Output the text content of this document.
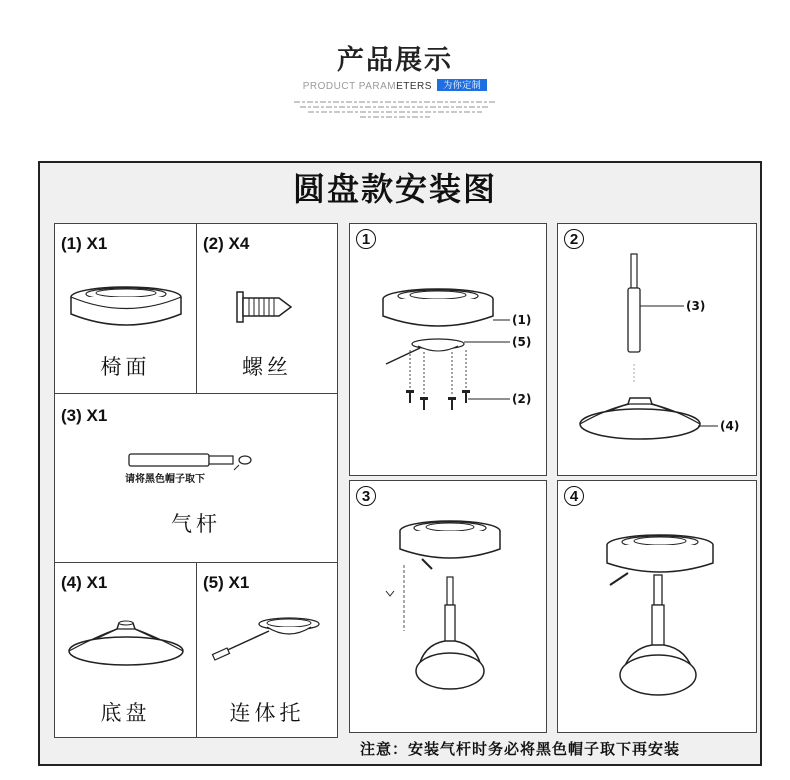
产品展示
PRODUCT PARAMETERS 为你定制
圆盘款安装图
(1) X1
椅面
(2) X4
螺丝
(3) X1
请将黑色帽子取下
气杆
(4) X1
底盘
(5) X1
连体托
1
(1)
(5)
(2)
2
(3)
(4)
3	4
注意：安装气杆时务必将黑色帽子取下再安装
